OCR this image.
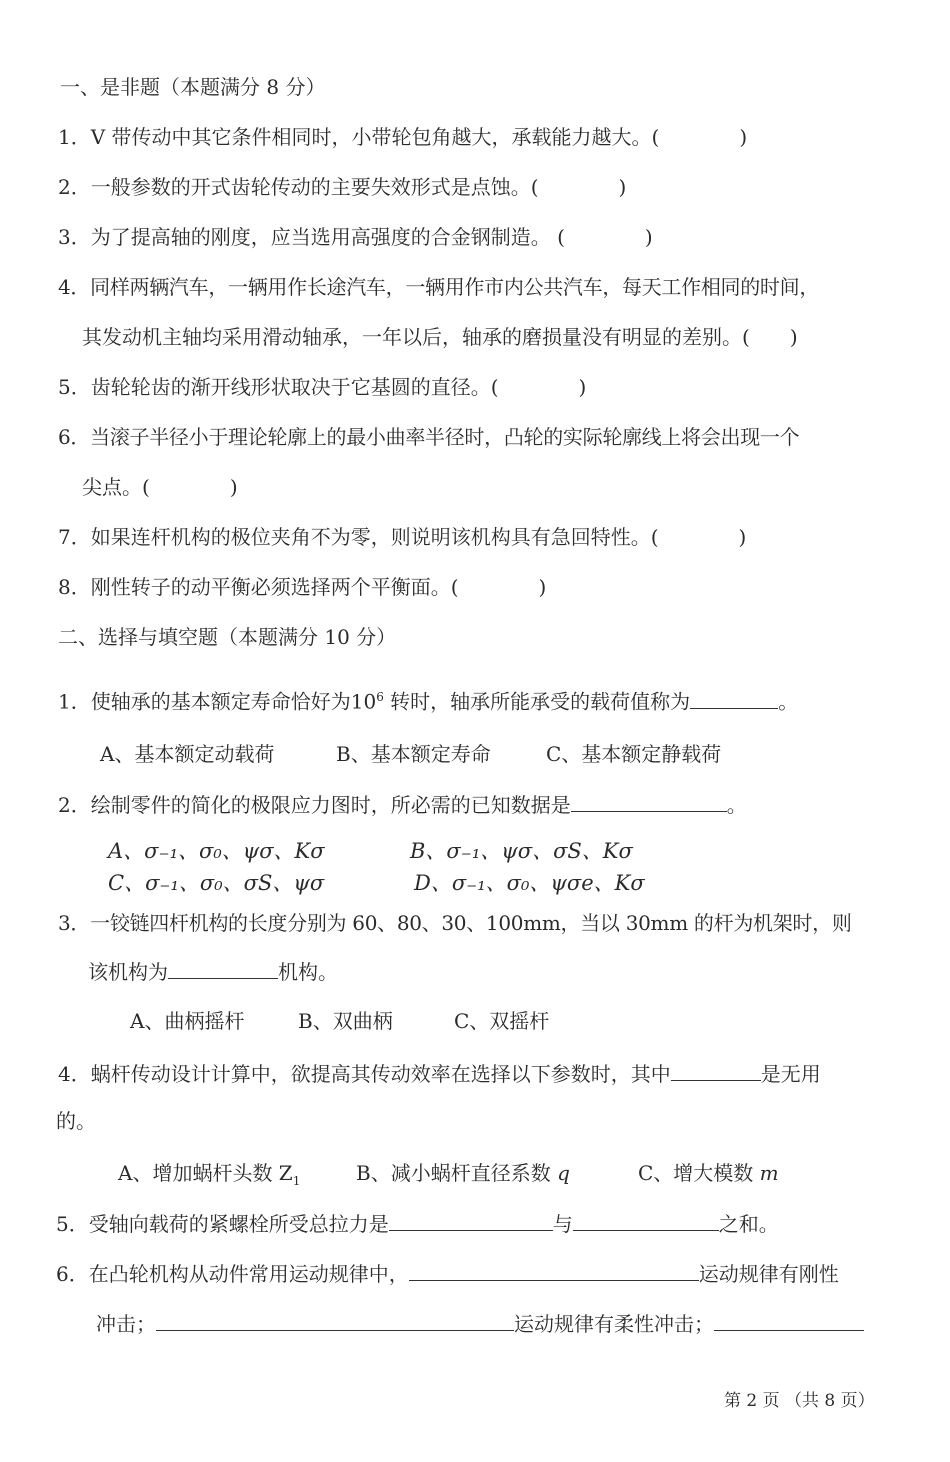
一、是非题（本题满分 8 分）
1．V 带传动中其它条件相同时，小带轮包角越大，承载能力越大。(	)
2．一般参数的开式齿轮传动的主要失效形式是点蚀。(	)
3．为了提高轴的刚度，应当选用高强度的合金钢制造。 (	)
4．同样两辆汽车，一辆用作长途汽车，一辆用作市内公共汽车，每天工作相同的时间，
其发动机主轴均采用滑动轴承，一年以后，轴承的磨损量没有明显的差别。( )
5．齿轮轮齿的渐开线形状取决于它基圆的直径。(	)
6．当滚子半径小于理论轮廓上的最小曲率半径时，凸轮的实际轮廓线上将会出现一个
尖点。(	)
7．如果连杆机构的极位夹角不为零，则说明该机构具有急回特性。(	)
8．刚性转子的动平衡必须选择两个平衡面。(	)
二、选择与填空题（本题满分 10 分）
1．使轴承的基本额定寿命恰好为$10^6$ 转时，轴承所能承受的载荷值称为	。
A、基本额定动载荷	B、基本额定寿命	C、基本额定静载荷
2．绘制零件的简化的极限应力图时，所必需的已知数据是	。
A、σ₋₁、σ₀、ψσ、Kσ	B、σ₋₁、ψσ、σS、Kσ
C、σ₋₁、σ₀、σS、ψσ	D、σ₋₁、σ₀、ψσe、Kσ
3．一铰链四杆机构的长度分别为 60、80、30、100mm，当以 30mm 的杆为机架时，则
该机构为	机构。
A、曲柄摇杆	B、双曲柄	C、双摇杆
4．蜗杆传动设计计算中，欲提高其传动效率在选择以下参数时，其中	是无用
的。
A、增加蜗杆头数 $Z_1$	B、减小蜗杆直径系数 q	C、增大模数 m
5．受轴向载荷的紧螺栓所受总拉力是	与	之和。
6．在凸轮机构从动件常用运动规律中，	运动规律有刚性
冲击；	运动规律有柔性冲击；
第 2 页 （共 8 页）
